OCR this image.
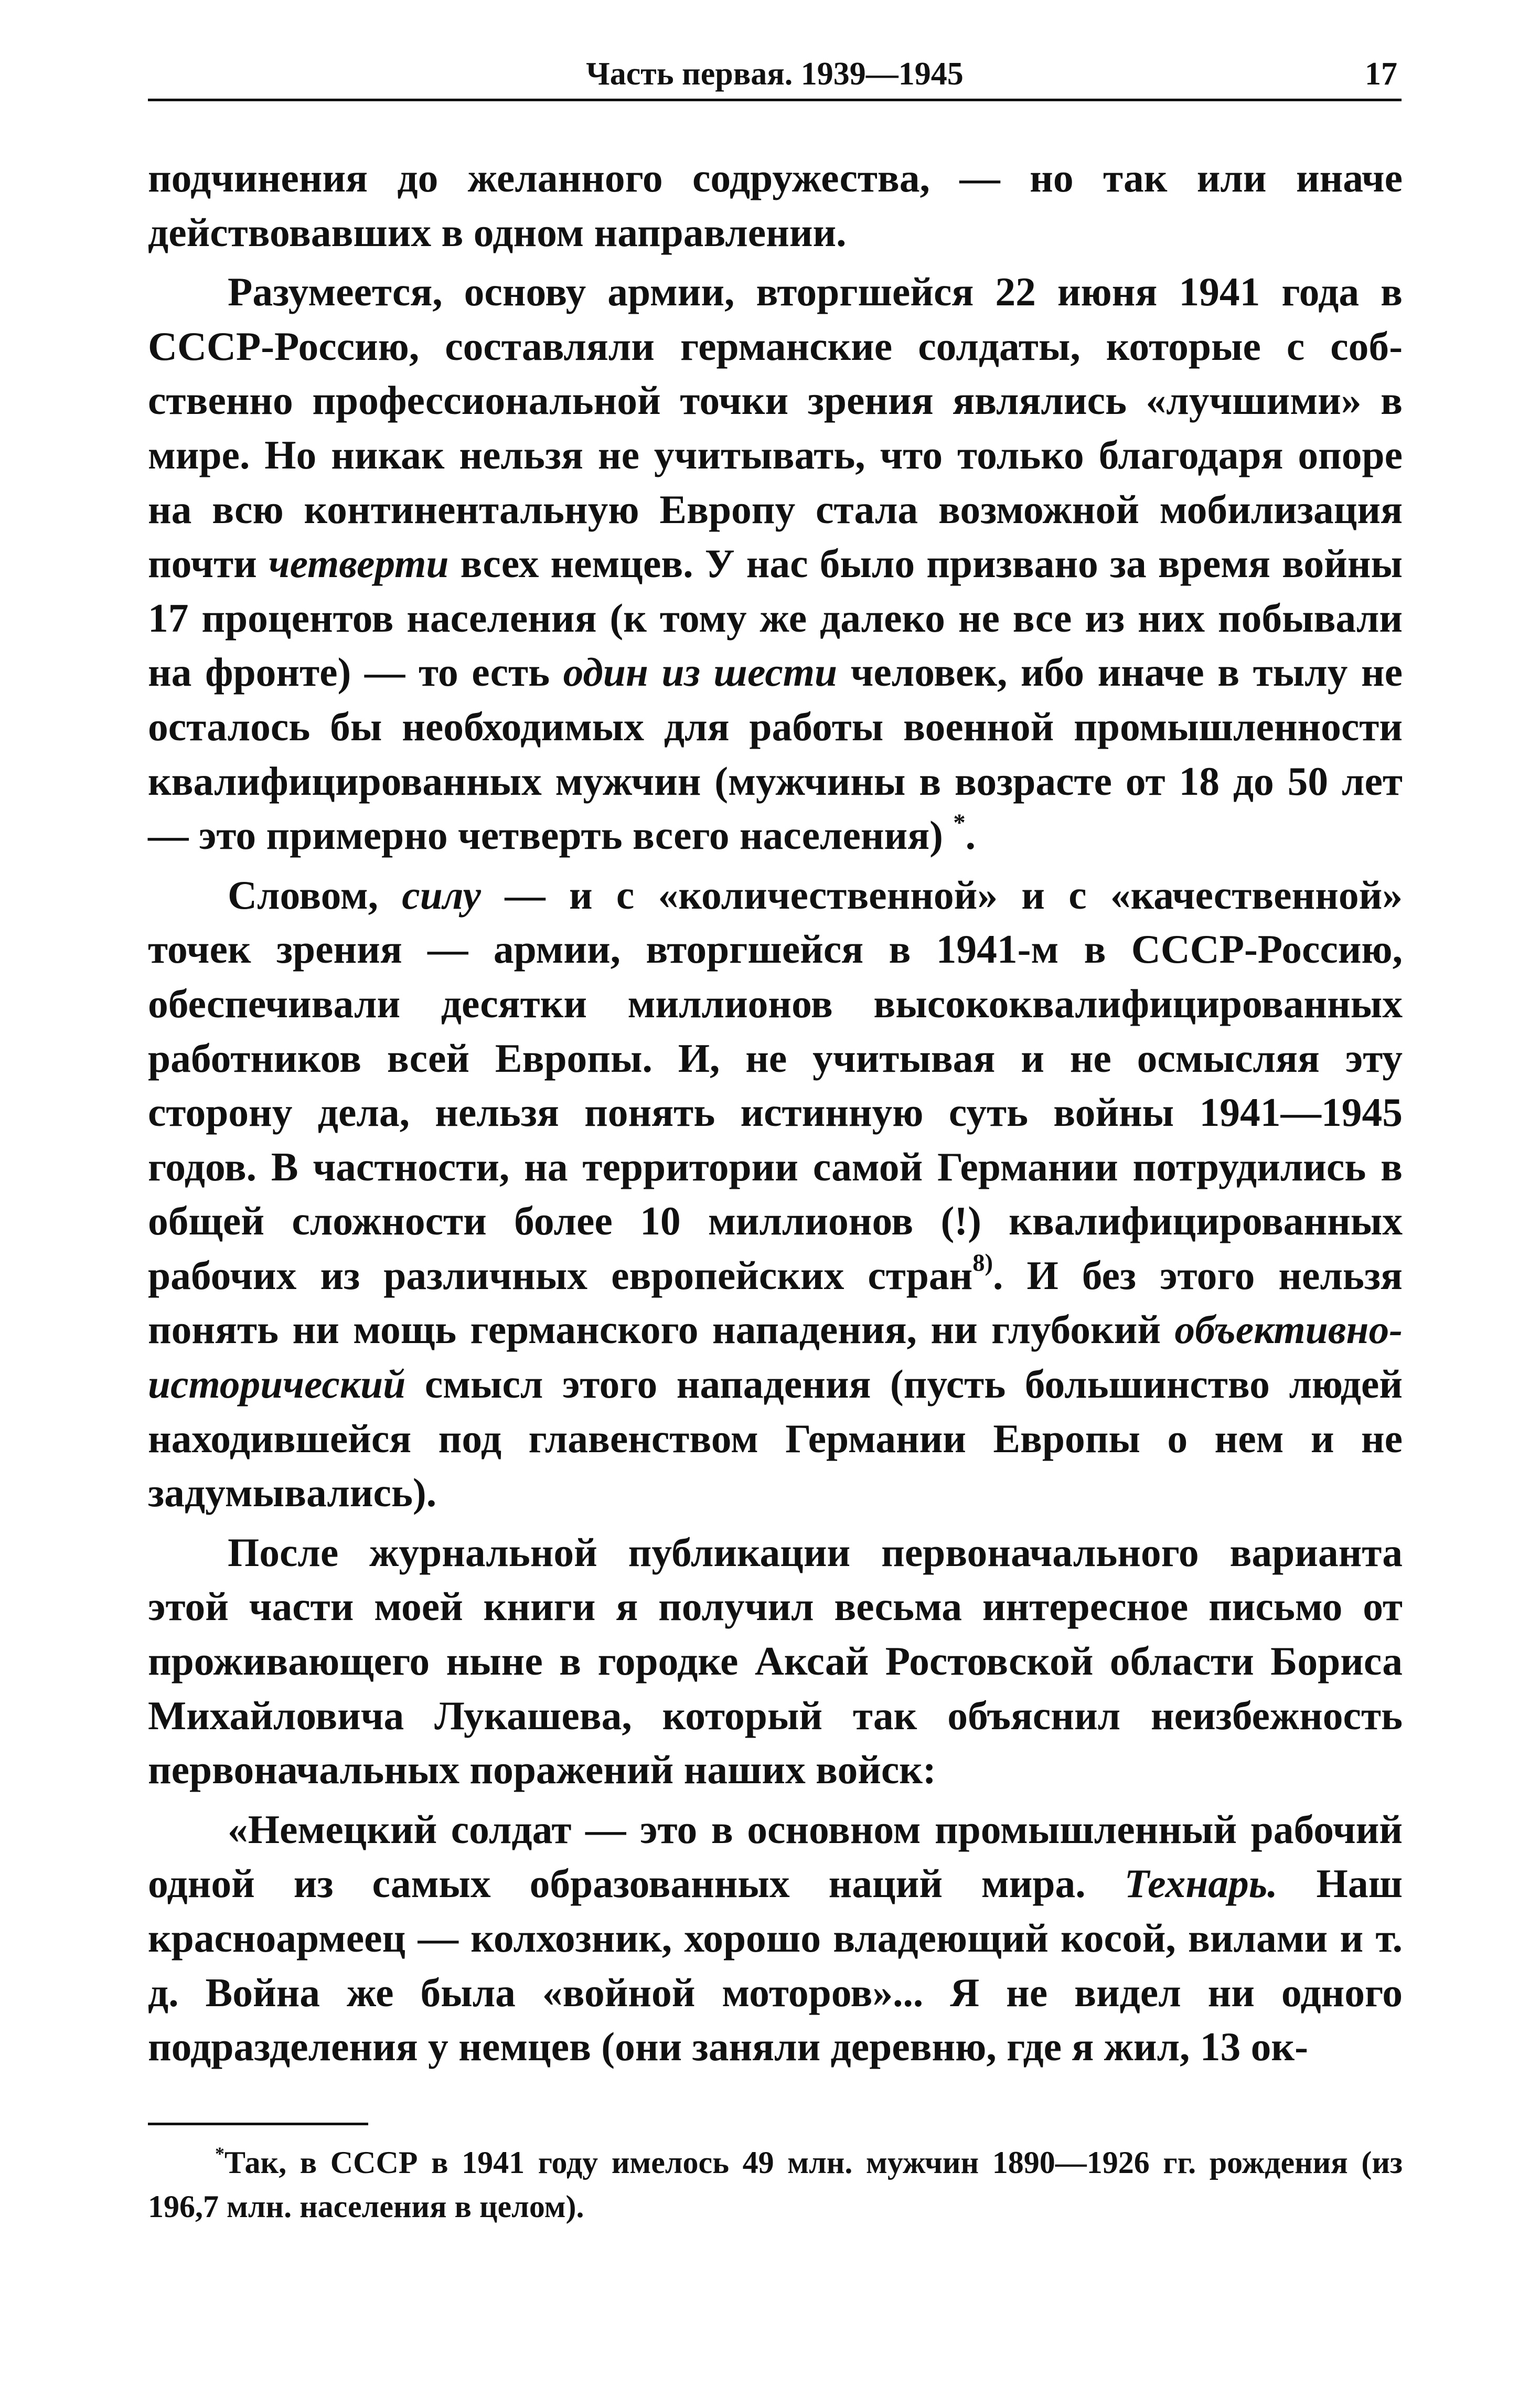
Часть первая. 1939—1945	17

подчинения до желанного содружества, — но так или иначе действовавших в одном направлении.

Разумеется, основу армии, вторгшейся 22 июня 1941 года в СССР-Россию, составляли германские солдаты, которые с собственно профессиональной точки зрения являлись «лучшими» в мире. Но никак нельзя не учитывать, что только благодаря опоре на всю континентальную Европу стала возможной мобилизация почти четверти всех немцев. У нас было призвано за время войны 17 процентов населения (к тому же далеко не все из них побывали на фронте) — то есть один из шести человек, ибо иначе в тылу не осталось бы необходимых для работы военной промышленности квалифицированных мужчин (мужчины в возрасте от 18 до 50 лет — это примерно четверть всего населения) *.

Словом, силу — и с «количественной» и с «качественной» точек зрения — армии, вторгшейся в 1941-м в СССР-Россию, обеспечивали десятки миллионов высококвалифицированных работников всей Европы. И, не учитывая и не осмысляя эту сторону дела, нельзя понять истинную суть войны 1941—1945 годов. В частности, на территории самой Германии потрудились в общей сложности более 10 миллионов (!) квалифицированных рабочих из различных европейских стран$^{8)}$. И без этого нельзя понять ни мощь германского нападения, ни глубокий объективно-исторический смысл этого нападения (пусть большинство людей находившейся под главенством Германии Европы о нем и не задумывались).

После журнальной публикации первоначального варианта этой части моей книги я получил весьма интересное письмо от проживающего ныне в городке Аксай Ростовской области Бориса Михайловича Лукашева, который так объяснил неизбежность первоначальных поражений наших войск:

«Немецкий солдат — это в основном промышленный рабочий одной из самых образованных наций мира. Технарь. Наш красноармеец — колхозник, хорошо владеющий косой, вилами и т. д. Война же была «войной моторов»... Я не видел ни одного подразделения у немцев (они заняли деревню, где я жил, 13 ок-

*Так, в СССР в 1941 году имелось 49 млн. мужчин 1890—1926 гг. рождения (из 196,7 млн. населения в целом).
